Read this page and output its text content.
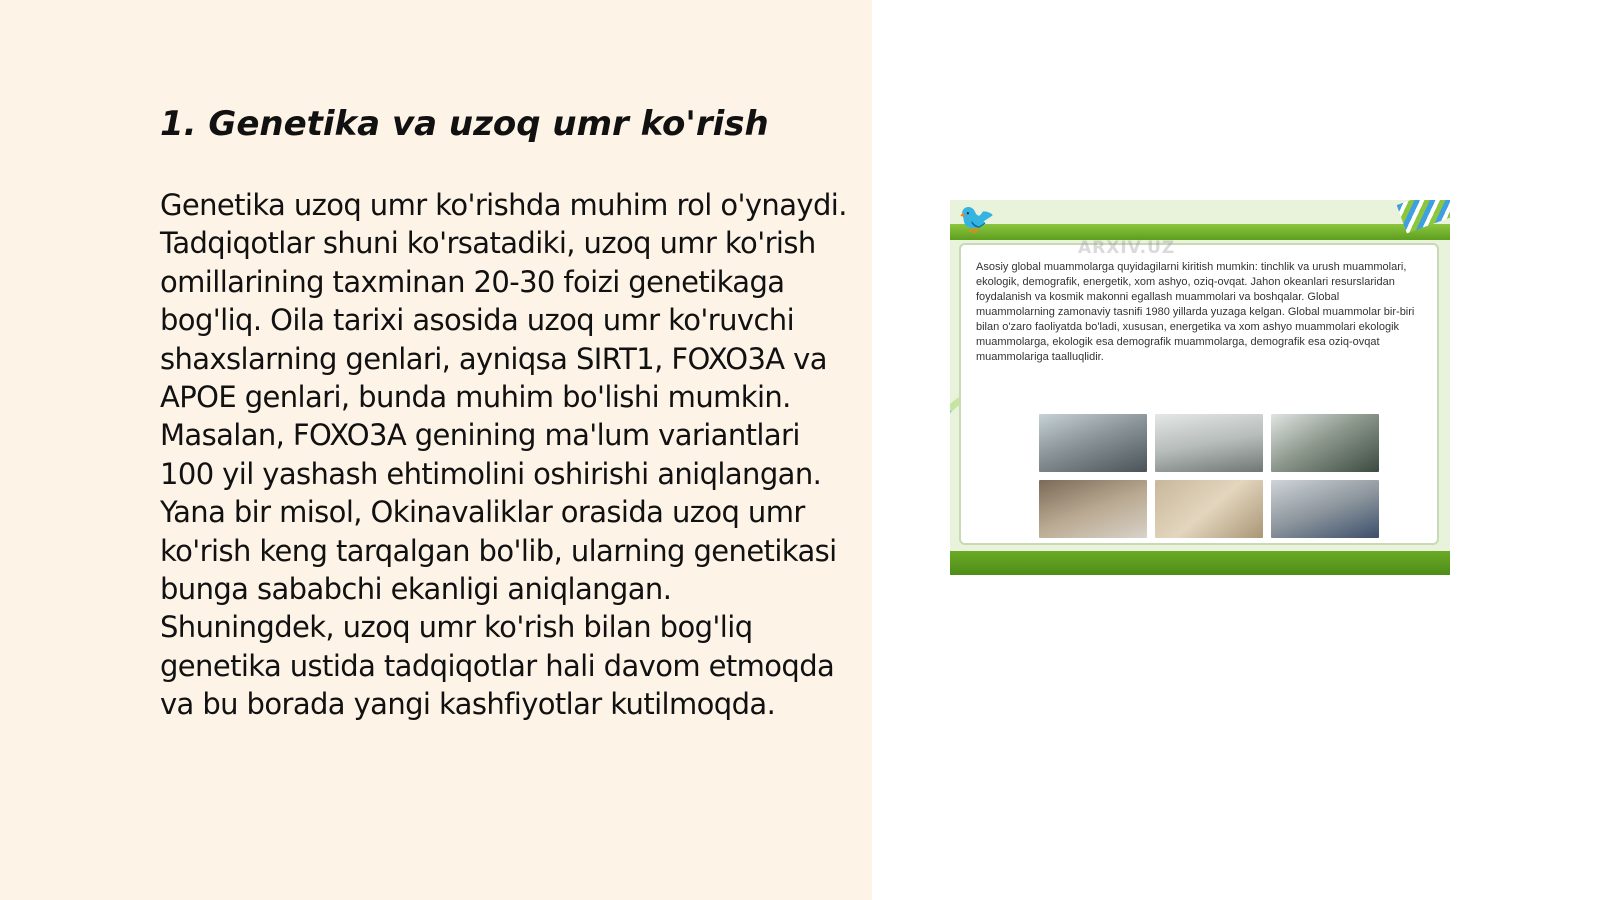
1. Genetika va uzoq umr ko'rish

Genetika uzoq umr ko'rishda muhim rol o'ynaydi. Tadqiqotlar shuni ko'rsatadiki, uzoq umr ko'rish omillarining taxminan 20-30 foizi genetikaga bog'liq. Oila tarixi asosida uzoq umr ko'ruvchi shaxslarning genlari, ayniqsa SIRT1, FOXO3A va APOE genlari, bunda muhim bo'lishi mumkin. Masalan, FOXO3A genining ma'lum variantlari 100 yil yashash ehtimolini oshirishi aniqlangan. Yana bir misol, Okinavaliklar orasida uzoq umr ko'rish keng tarqalgan bo'lib, ularning genetikasi bunga sababchi ekanligi aniqlangan. Shuningdek, uzoq umr ko'rish bilan bog'liq genetika ustida tadqiqotlar hali davom etmoqda va bu borada yangi kashfiyotlar kutilmoqda.

🐦
ARXIV.UZ

Asosiy global muammolarga quyidagilarni kiritish mumkin: tinchlik va urush muammolari, ekologik, demografik, energetik, xom ashyo, oziq-ovqat. Jahon okeanlari resurslaridan foydalanish va kosmik makonni egallash muammolari va boshqalar. Global muammolarning zamonaviy tasnifi 1980 yillarda yuzaga kelgan. Global muammolar bir-biri bilan o'zaro faoliyatda bo'ladi, xususan, energetika va xom ashyo muammolari ekologik muammolarga, ekologik esa demografik muammolarga, demografik esa oziq-ovqat muammolariga taalluqlidir.
